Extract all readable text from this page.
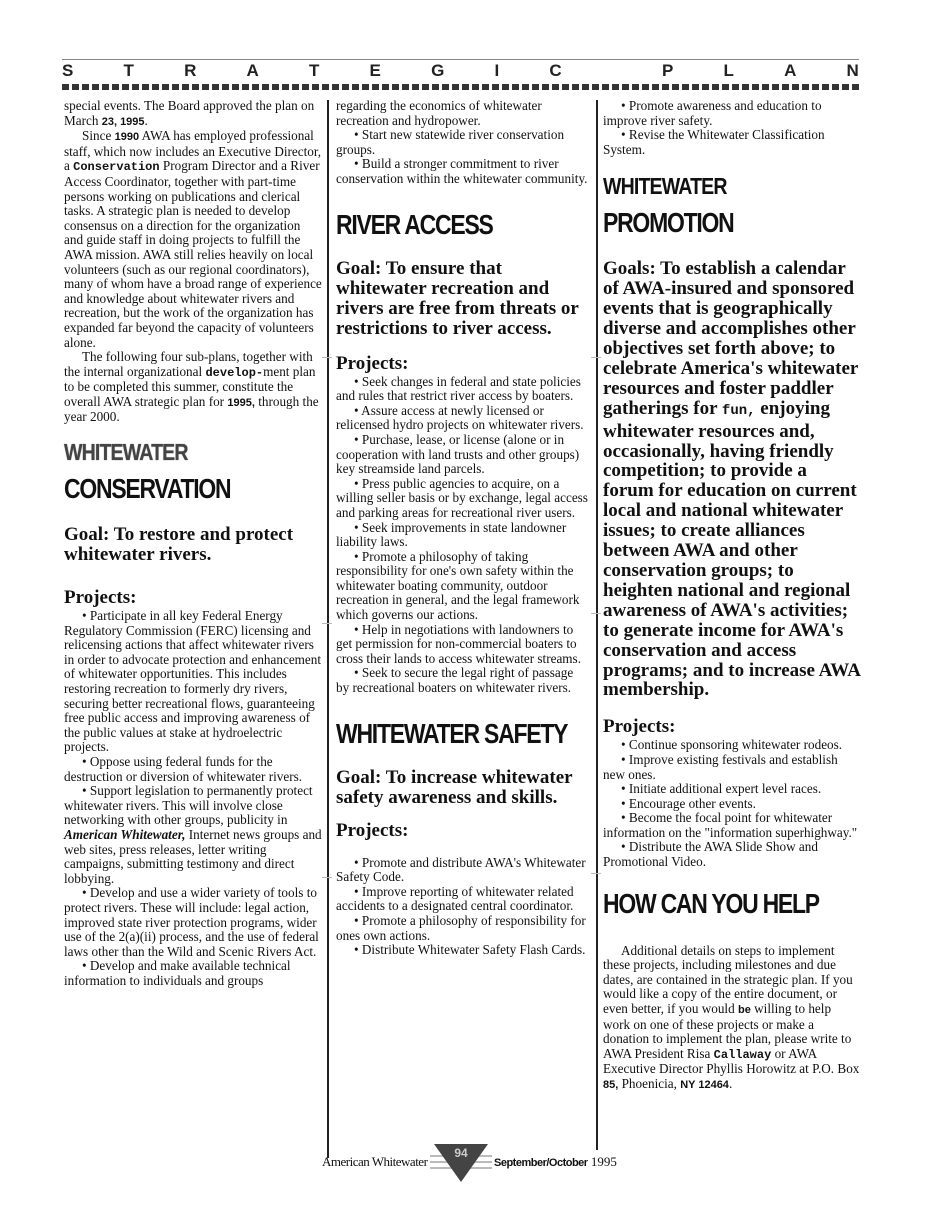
S	T	R	A	T	E	G	I	C	P	L	A	N

special events. The Board approved the plan on March 23, 1995.

Since 1990 AWA has employed professional staff, which now includes an Executive Director, a Conservation Program Director and a River Access Coordinator, together with part-time persons working on publications and clerical tasks. A strategic plan is needed to develop consensus on a direction for the organization and guide staff in doing projects to fulfill the AWA mission. AWA still relies heavily on local volunteers (such as our regional coordinators), many of whom have a broad range of experience and knowledge about whitewater rivers and recreation, but the work of the organization has expanded far beyond the capacity of volunteers alone.

The following four sub-plans, together with the internal organizational develop-ment plan to be completed this summer, constitute the overall AWA strategic plan for 1995, through the year 2000.

WHITEWATER
CONSERVATION

Goal: To restore and protect whitewater rivers.

Projects:

• Participate in all key Federal Energy Regulatory Commission (FERC) licensing and relicensing actions that affect whitewater rivers in order to advocate protection and enhancement of whitewater opportunities. This includes restoring recreation to formerly dry rivers, securing better recreational flows, guaranteeing free public access and improving awareness of the public values at stake at hydroelectric projects.

• Oppose using federal funds for the destruction or diversion of whitewater rivers.

• Support legislation to permanently protect whitewater rivers. This will involve close networking with other groups, publicity in American Whitewater, Internet news groups and web sites, press releases, letter writing campaigns, submitting testimony and direct lobbying.

• Develop and use a wider variety of tools to protect rivers. These will include: legal action, improved state river protection programs, wider use of the 2(a)(ii) process, and the use of federal laws other than the Wild and Scenic Rivers Act.

• Develop and make available technical information to individuals and groups

regarding the economics of whitewater recreation and hydropower.

• Start new statewide river conservation groups.

• Build a stronger commitment to river conservation within the whitewater community.

RIVER ACCESS

Goal: To ensure that whitewater recreation and rivers are free from threats or restrictions to river access.

Projects:

• Seek changes in federal and state policies and rules that restrict river access by boaters.

• Assure access at newly licensed or relicensed hydro projects on whitewater rivers.

• Purchase, lease, or license (alone or in cooperation with land trusts and other groups) key streamside land parcels.

• Press public agencies to acquire, on a willing seller basis or by exchange, legal access and parking areas for recreational river users.

• Seek improvements in state landowner liability laws.

• Promote a philosophy of taking responsibility for one's own safety within the whitewater boating community, outdoor recreation in general, and the legal framework which governs our actions.

• Help in negotiations with landowners to get permission for non-commercial boaters to cross their lands to access whitewater streams.

• Seek to secure the legal right of passage by recreational boaters on whitewater rivers.

WHITEWATER SAFETY

Goal: To increase whitewater safety awareness and skills.

Projects:

• Promote and distribute AWA's Whitewater Safety Code.

• Improve reporting of whitewater related accidents to a designated central coordinator.

• Promote a philosophy of responsibility for ones own actions.

• Distribute Whitewater Safety Flash Cards.

• Promote awareness and education to improve river safety.

• Revise the Whitewater Classification System.

WHITEWATER
PROMOTION

Goals: To establish a calendar of AWA-insured and sponsored events that is geographically diverse and accomplishes other objectives set forth above; to celebrate America's whitewater resources and foster paddler gatherings for fun, enjoying whitewater resources and, occasionally, having friendly competition; to provide a forum for education on current local and national whitewater issues; to create alliances between AWA and other conservation groups; to heighten national and regional awareness of AWA's activities; to generate income for AWA's conservation and access programs; and to increase AWA membership.

Projects:

• Continue sponsoring whitewater rodeos.

• Improve existing festivals and establish new ones.

• Initiate additional expert level races.

• Encourage other events.

• Become the focal point for whitewater information on the "information superhighway."

• Distribute the AWA Slide Show and Promotional Video.

HOW CAN YOU HELP

Additional details on steps to implement these projects, including milestones and due dates, are contained in the strategic plan. If you would like a copy of the entire document, or even better, if you would be willing to help work on one of these projects or make a donation to implement the plan, please write to AWA President Risa Callaway or AWA Executive Director Phyllis Horowitz at P.O. Box 85, Phoenicia, NY 12464.

American Whitewater
94
September/October 1995
